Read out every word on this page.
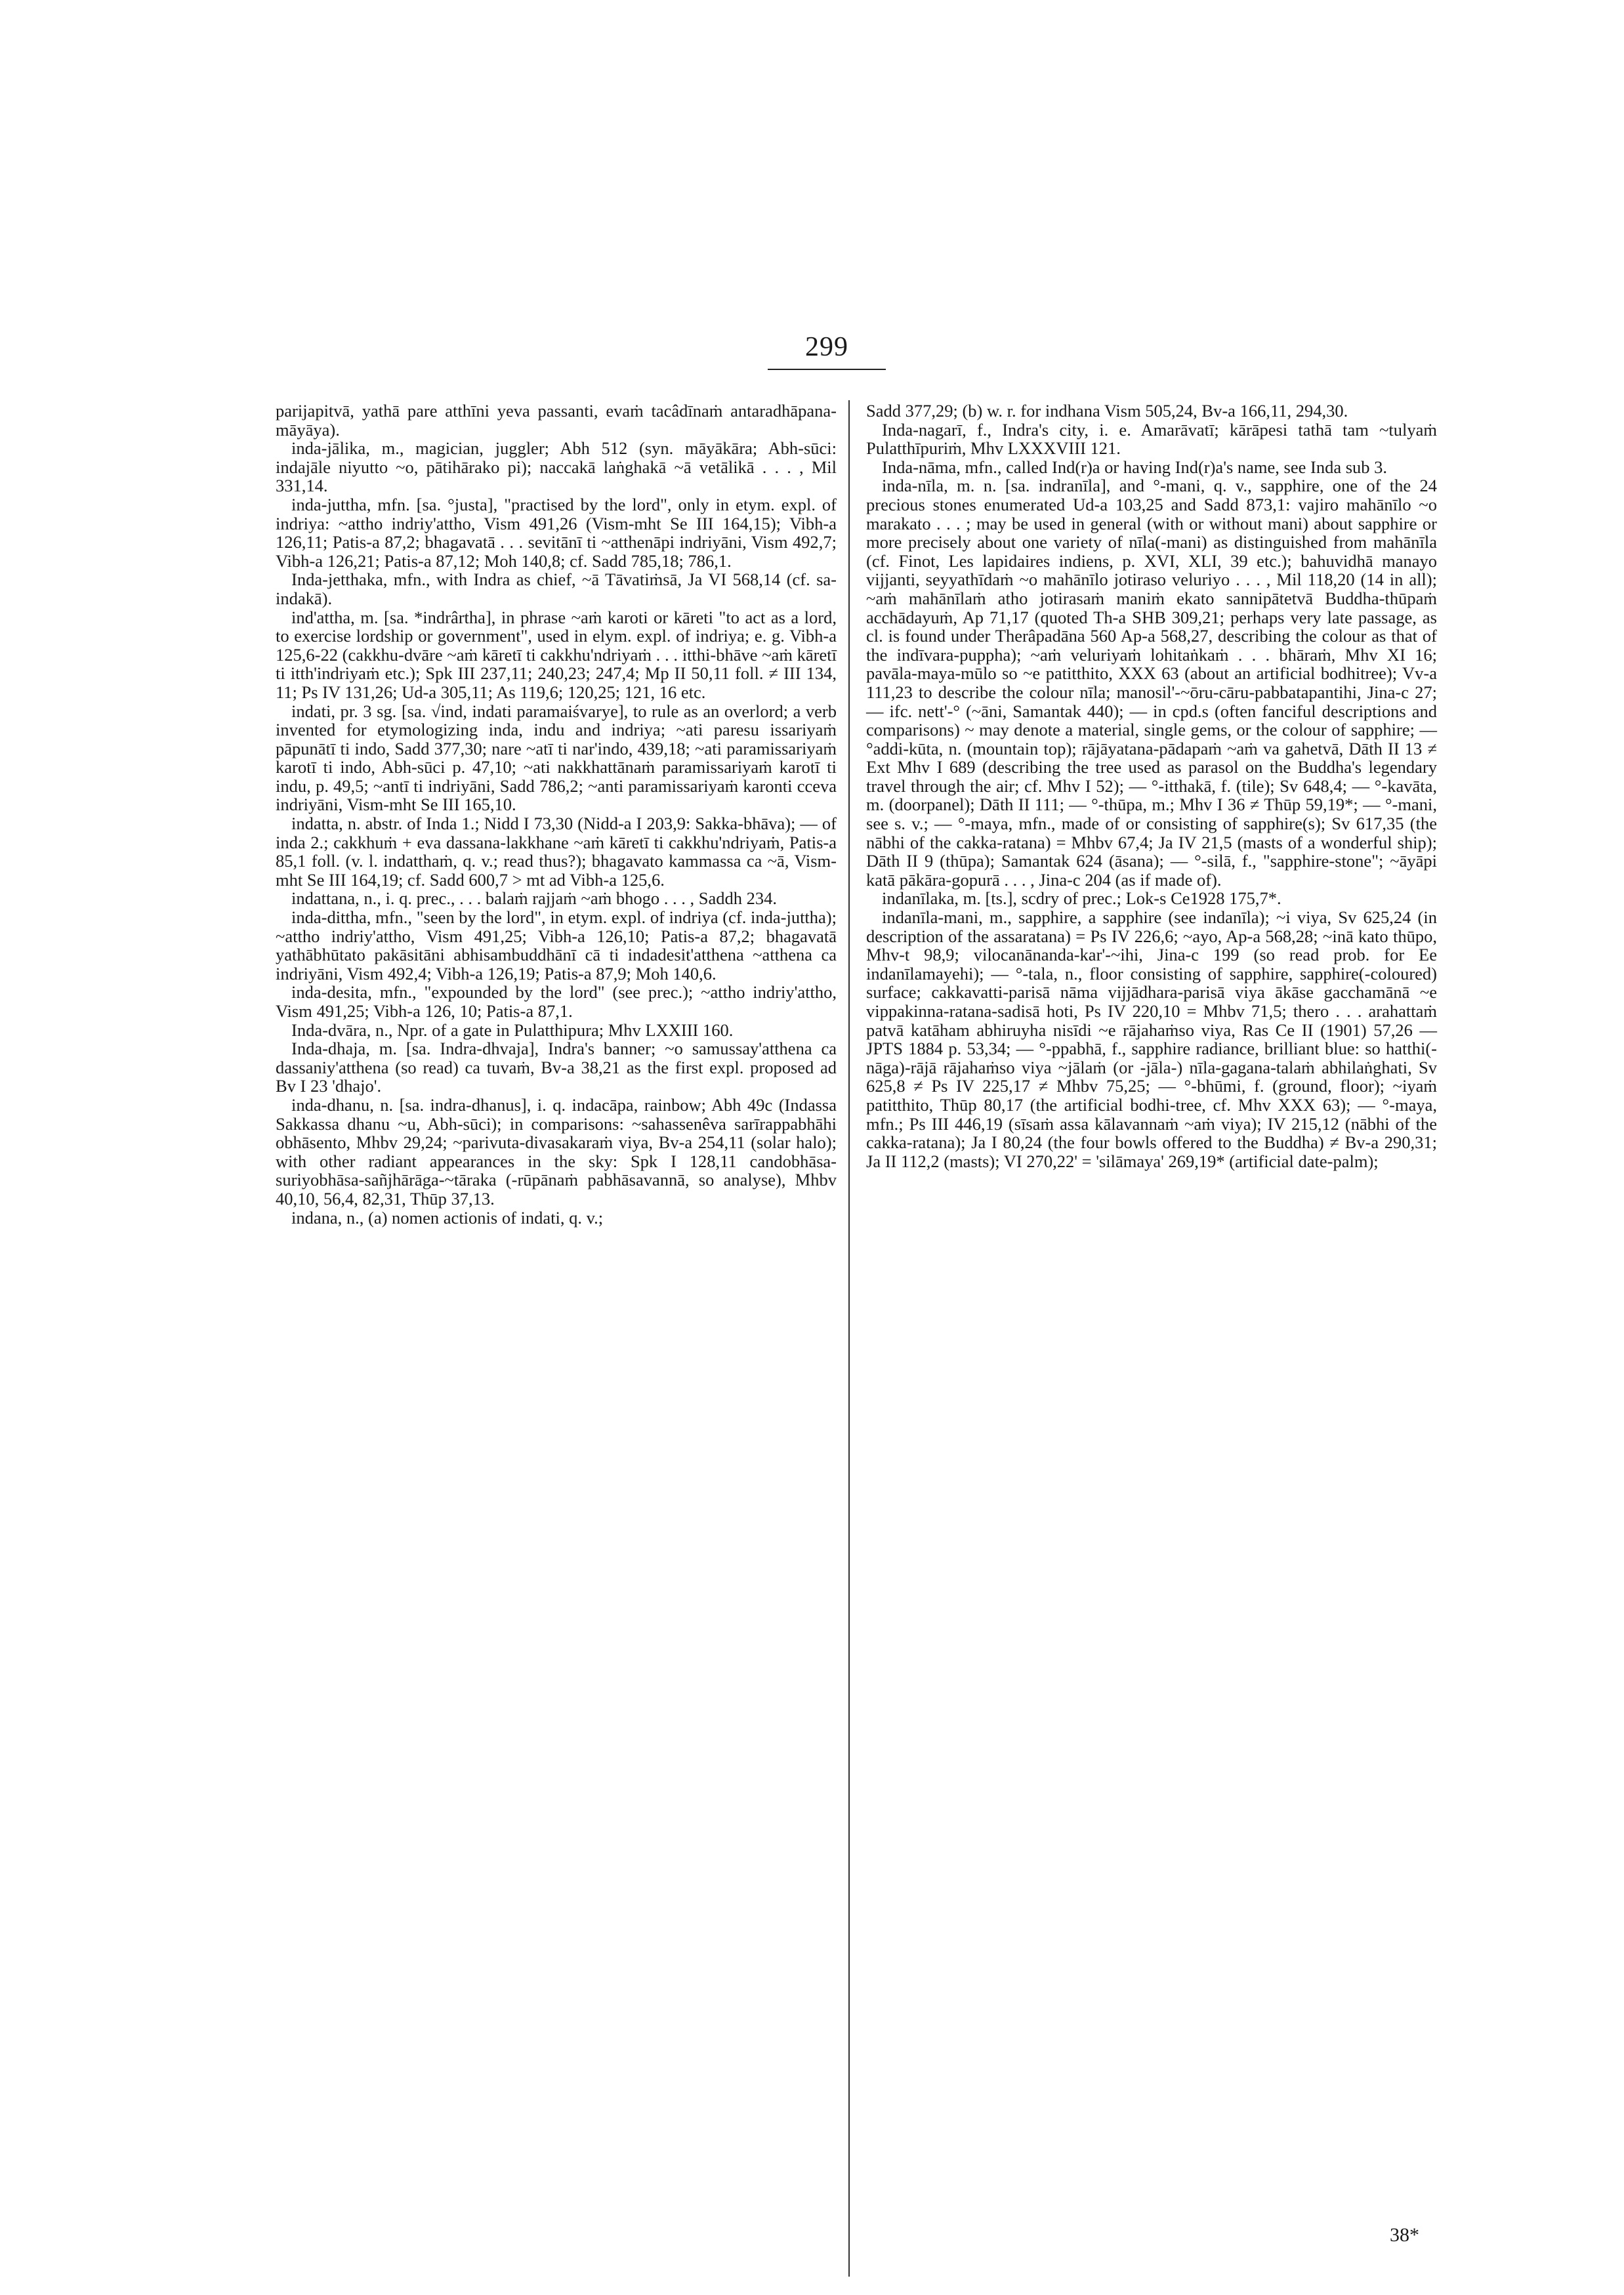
299

parijapitvā, yathā pare atthīni yeva passanti, evaṁ tacâdīnaṁ antaradhāpana-māyāya).

inda-jālika, m., magician, juggler; Abh 512 (syn. māyākāra; Abh-sūci: indajāle niyutto ~o, pātihārako pi); naccakā laṅghakā ~ā vetālikā . . . , Mil 331,14.

inda-juttha, mfn. [sa. °justa], "practised by the lord", only in etym. expl. of indriya: ~attho indriy'attho, Vism 491,26 (Vism-mht Se III 164,15); Vibh-a 126,11; Patis-a 87,2; bhagavatā . . . sevitānī ti ~atthenāpi indriyāni, Vism 492,7; Vibh-a 126,21; Patis-a 87,12; Moh 140,8; cf. Sadd 785,18; 786,1.

Inda-jetthaka, mfn., with Indra as chief, ~ā Tāvatiṁsā, Ja VI 568,14 (cf. sa-indakā).

ind'attha, m. [sa. *indrârtha], in phrase ~aṁ karoti or kāreti "to act as a lord, to exercise lordship or government", used in elym. expl. of indriya; e. g. Vibh-a 125,6-22 (cakkhu-dvāre ~aṁ kāretī ti cakkhu'ndriyaṁ . . . itthi-bhāve ~aṁ kāretī ti itth'indriyaṁ etc.); Spk III 237,11; 240,23; 247,4; Mp II 50,11 foll. ≠ III 134, 11; Ps IV 131,26; Ud-a 305,11; As 119,6; 120,25; 121, 16 etc.

indati, pr. 3 sg. [sa. √ind, indati paramaiśvarye], to rule as an overlord; a verb invented for etymologizing inda, indu and indriya; ~ati paresu issariyaṁ pāpunātī ti indo, Sadd 377,30; nare ~atī ti nar'indo, 439,18; ~ati paramissariyaṁ karotī ti indo, Abh-sūci p. 47,10; ~ati nakkhattānaṁ paramissariyaṁ karotī ti indu, p. 49,5; ~antī ti indriyāni, Sadd 786,2; ~anti paramissariyaṁ karonti cceva indriyāni, Vism-mht Se III 165,10.

indatta, n. abstr. of Inda 1.; Nidd I 73,30 (Nidd-a I 203,9: Sakka-bhāva); — of inda 2.; cakkhuṁ + eva dassana-lakkhane ~aṁ kāretī ti cakkhu'ndriyaṁ, Patis-a 85,1 foll. (v. l. indatthaṁ, q. v.; read thus?); bhagavato kammassa ca ~ā, Vism-mht Se III 164,19; cf. Sadd 600,7 > mt ad Vibh-a 125,6.

indattana, n., i. q. prec., . . . balaṁ rajjaṁ ~aṁ bhogo . . . , Saddh 234.

inda-dittha, mfn., "seen by the lord", in etym. expl. of indriya (cf. inda-juttha); ~attho indriy'attho, Vism 491,25; Vibh-a 126,10; Patis-a 87,2; bhagavatā yathābhūtato pakāsitāni abhisambuddhānī cā ti indadesit'atthena ~atthena ca indriyāni, Vism 492,4; Vibh-a 126,19; Patis-a 87,9; Moh 140,6.

inda-desita, mfn., "expounded by the lord" (see prec.); ~attho indriy'attho, Vism 491,25; Vibh-a 126, 10; Patis-a 87,1.

Inda-dvāra, n., Npr. of a gate in Pulatthipura; Mhv LXXIII 160.

Inda-dhaja, m. [sa. Indra-dhvaja], Indra's banner; ~o samussay'atthena ca dassaniy'atthena (so read) ca tuvaṁ, Bv-a 38,21 as the first expl. proposed ad Bv I 23 'dhajo'.

inda-dhanu, n. [sa. indra-dhanus], i. q. indacāpa, rainbow; Abh 49c (Indassa Sakkassa dhanu ~u, Abh-sūci); in comparisons: ~sahassenêva sarīrappabhāhi obhāsento, Mhbv 29,24; ~parivuta-divasakaraṁ viya, Bv-a 254,11 (solar halo); with other radiant appearances in the sky: Spk I 128,11 candobhāsa-suriyobhāsa-sañjhārāga-~tāraka (-rūpānaṁ pabhāsavannā, so analyse), Mhbv 40,10, 56,4, 82,31, Thūp 37,13.

indana, n., (a) nomen actionis of indati, q. v.;

Sadd 377,29; (b) w. r. for indhana Vism 505,24, Bv-a 166,11, 294,30.

Inda-nagarī, f., Indra's city, i. e. Amarāvatī; kārāpesi tathā tam ~tulyaṁ Pulatthīpuriṁ, Mhv LXXXVIII 121.

Inda-nāma, mfn., called Ind(r)a or having Ind(r)a's name, see Inda sub 3.

inda-nīla, m. n. [sa. indranīla], and °-mani, q. v., sapphire, one of the 24 precious stones enumerated Ud-a 103,25 and Sadd 873,1: vajiro mahānīlo ~o marakato . . . ; may be used in general (with or without mani) about sapphire or more precisely about one variety of nīla(-mani) as distinguished from mahānīla (cf. Finot, Les lapidaires indiens, p. XVI, XLI, 39 etc.); bahuvidhā manayo vijjanti, seyyathīdaṁ ~o mahānīlo jotiraso veluriyo . . . , Mil 118,20 (14 in all); ~aṁ mahānīlaṁ atho jotirasaṁ maniṁ ekato sannipātetvā Buddha-thūpaṁ acchādayuṁ, Ap 71,17 (quoted Th-a SHB 309,21; perhaps very late passage, as cl. is found under Therâpadāna 560 Ap-a 568,27, describing the colour as that of the indīvara-puppha); ~aṁ veluriyaṁ lohitaṅkaṁ . . . bhāraṁ, Mhv XI 16; pavāla-maya-mūlo so ~e patitthito, XXX 63 (about an artificial bodhitree); Vv-a 111,23 to describe the colour nīla; manosil'-~ōru-cāru-pabbatapantihi, Jina-c 27; — ifc. nett'-° (~āni, Samantak 440); — in cpd.s (often fanciful descriptions and comparisons) ~ may denote a material, single gems, or the colour of sapphire; — °addi-kūta, n. (mountain top); rājāyatana-pādapaṁ ~aṁ va gahetvā, Dāth II 13 ≠ Ext Mhv I 689 (describing the tree used as parasol on the Buddha's legendary travel through the air; cf. Mhv I 52); — °-itthakā, f. (tile); Sv 648,4; — °-kavāta, m. (doorpanel); Dāth II 111; — °-thūpa, m.; Mhv I 36 ≠ Thūp 59,19*; — °-mani, see s. v.; — °-maya, mfn., made of or consisting of sapphire(s); Sv 617,35 (the nābhi of the cakka-ratana) = Mhbv 67,4; Ja IV 21,5 (masts of a wonderful ship); Dāth II 9 (thūpa); Samantak 624 (āsana); — °-silā, f., "sapphire-stone"; ~āyāpi katā pākāra-gopurā . . . , Jina-c 204 (as if made of).

indanīlaka, m. [ts.], scdry of prec.; Lok-s Ce1928 175,7*.

indanīla-mani, m., sapphire, a sapphire (see indanīla); ~i viya, Sv 625,24 (in description of the assaratana) = Ps IV 226,6; ~ayo, Ap-a 568,28; ~inā kato thūpo, Mhv-t 98,9; vilocanānanda-kar'-~ihi, Jina-c 199 (so read prob. for Ee indanīlamayehi); — °-tala, n., floor consisting of sapphire, sapphire(-coloured) surface; cakkavatti-parisā nāma vijjādhara-parisā viya ākāse gacchamānā ~e vippakinna-ratana-sadisā hoti, Ps IV 220,10 = Mhbv 71,5; thero . . . arahattaṁ patvā katāham abhiruyha nisīdi ~e rājahaṁso viya, Ras Ce II (1901) 57,26 — JPTS 1884 p. 53,34; — °-ppabhā, f., sapphire radiance, brilliant blue: so hatthi(-nāga)-rājā rājahaṁso viya ~jālaṁ (or -jāla-) nīla-gagana-talaṁ abhilaṅghati, Sv 625,8 ≠ Ps IV 225,17 ≠ Mhbv 75,25; — °-bhūmi, f. (ground, floor); ~iyaṁ patitthito, Thūp 80,17 (the artificial bodhi-tree, cf. Mhv XXX 63); — °-maya, mfn.; Ps III 446,19 (sīsaṁ assa kālavannaṁ ~aṁ viya); IV 215,12 (nābhi of the cakka-ratana); Ja I 80,24 (the four bowls offered to the Buddha) ≠ Bv-a 290,31; Ja II 112,2 (masts); VI 270,22' = 'silāmaya' 269,19* (artificial date-palm);

38*
